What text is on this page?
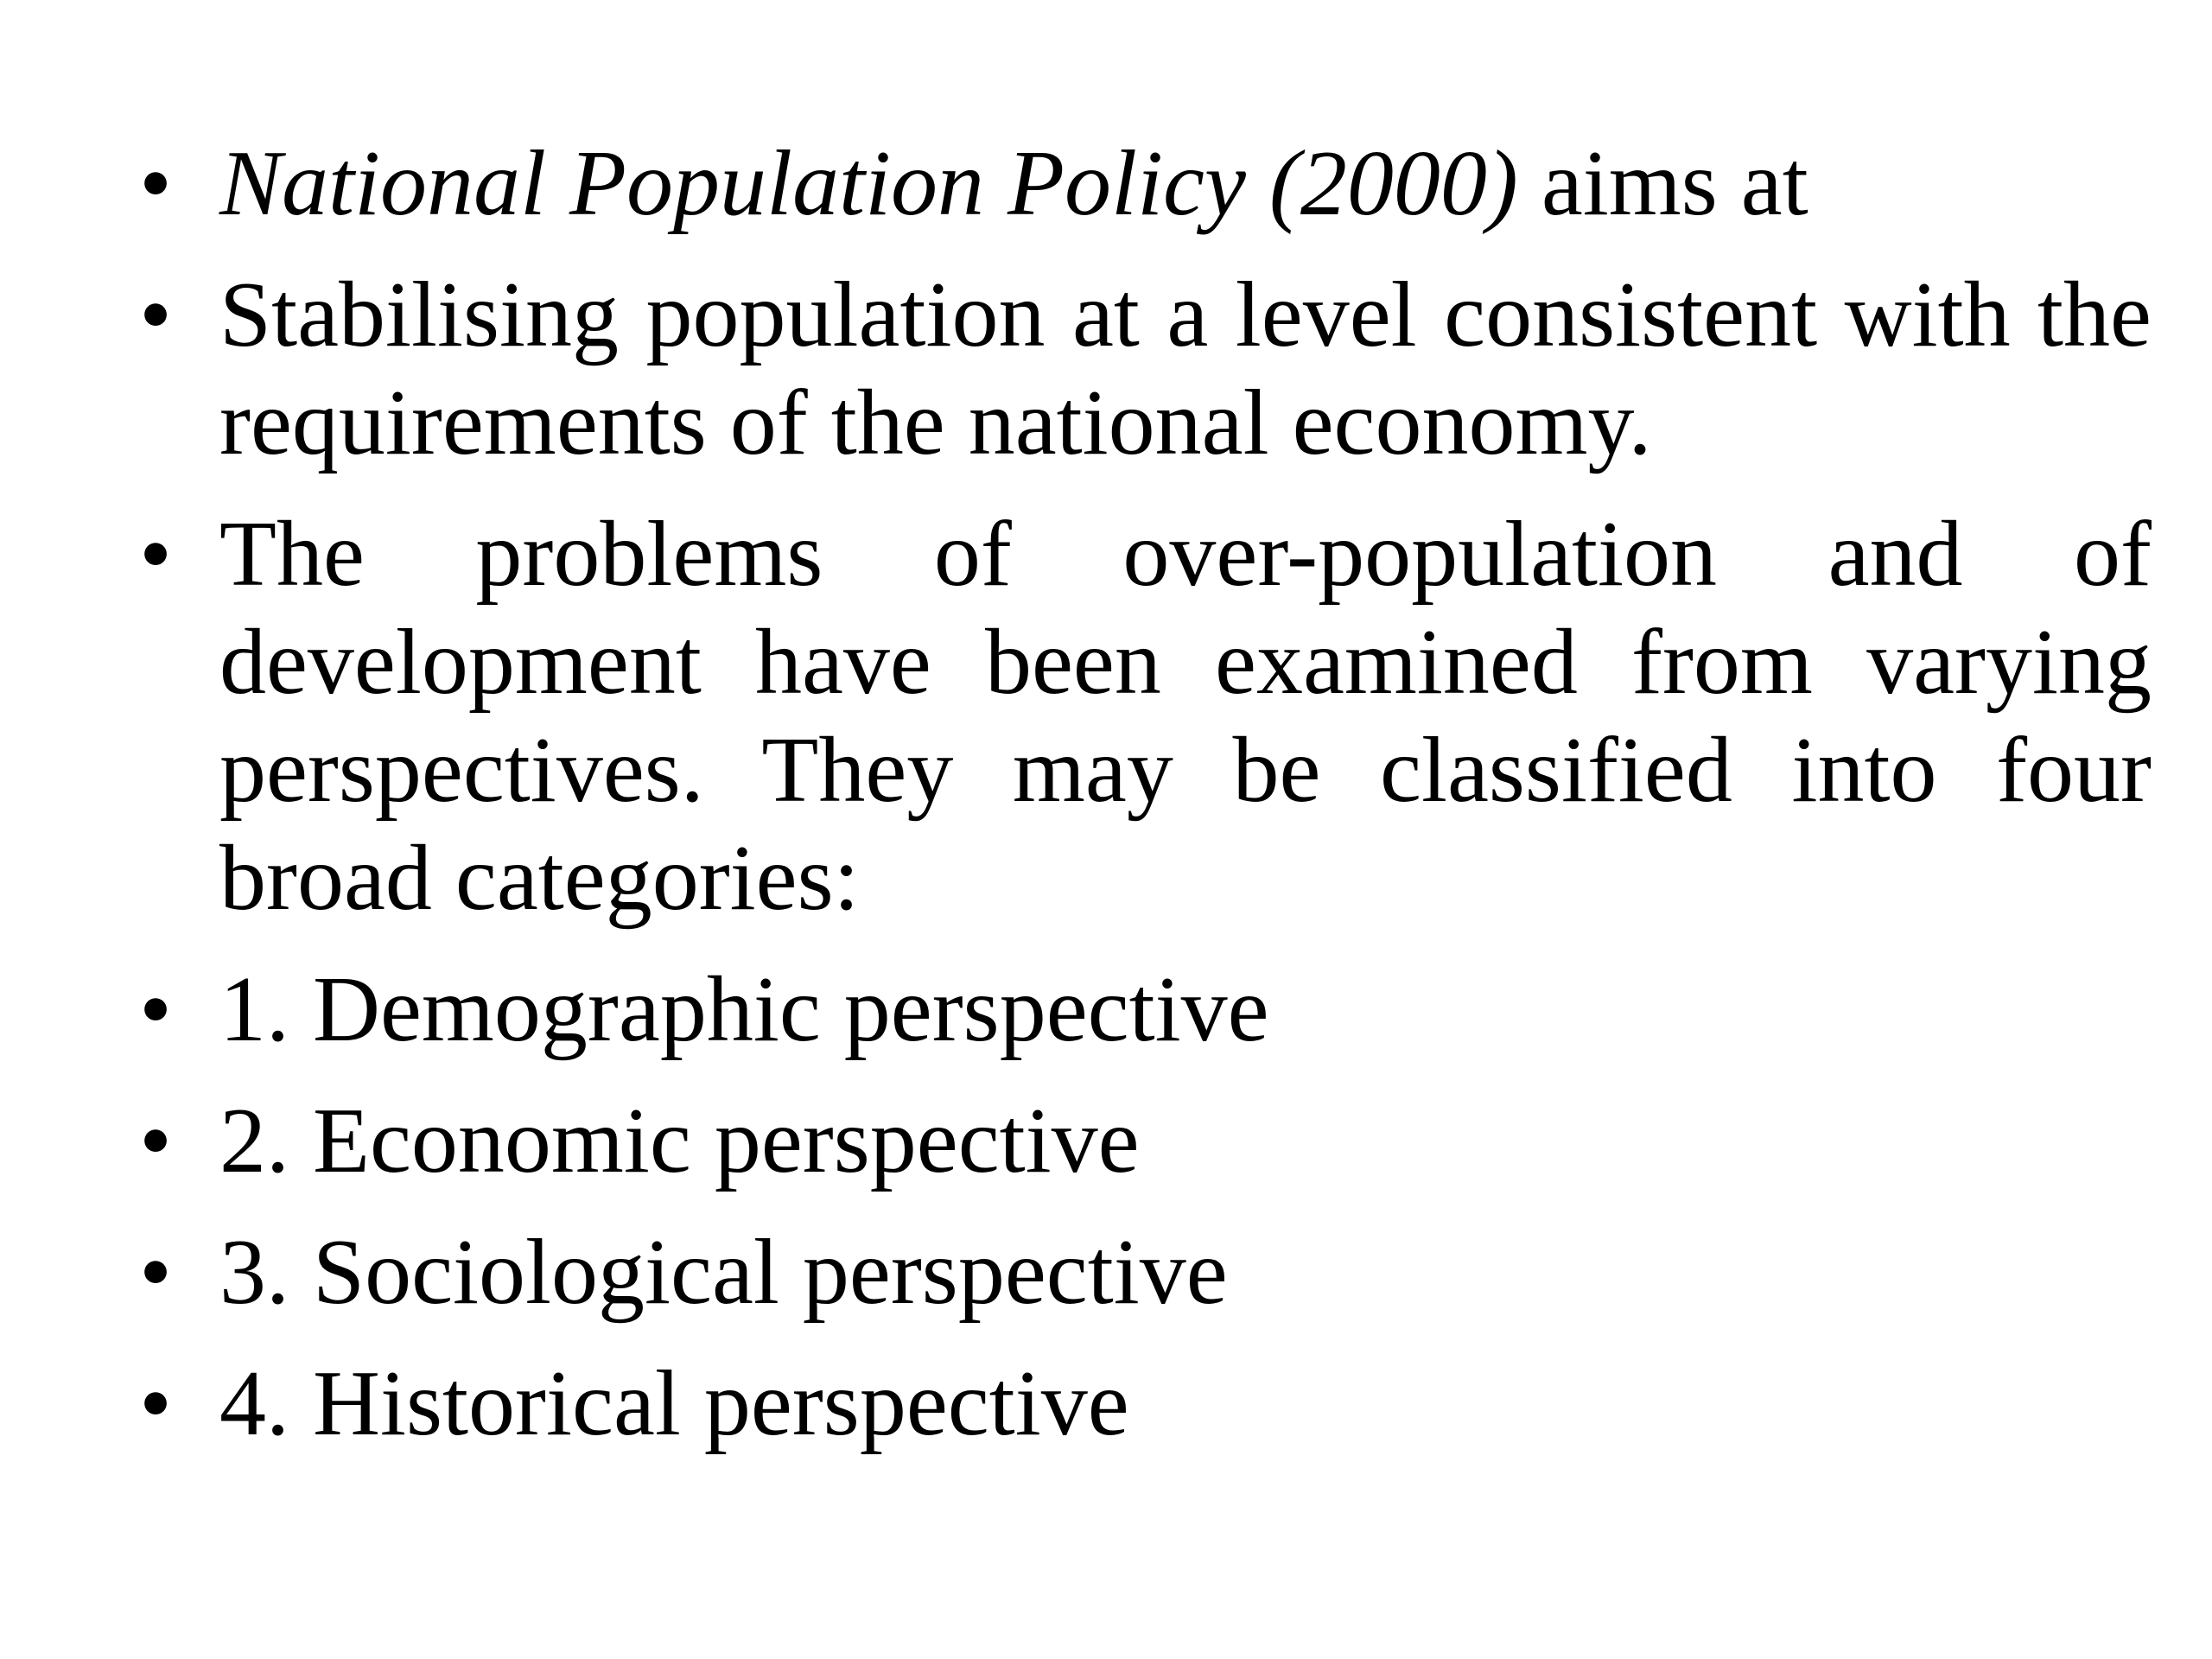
• National Population Policy (2000) aims at
• Stabilising population at a level consistent with the requirements of the national economy.
• The problems of over-population and of development have been examined from varying perspectives. They may be classified into four broad categories:
• 1. Demographic perspective
• 2. Economic perspective
• 3. Sociological perspective
• 4. Historical perspective
